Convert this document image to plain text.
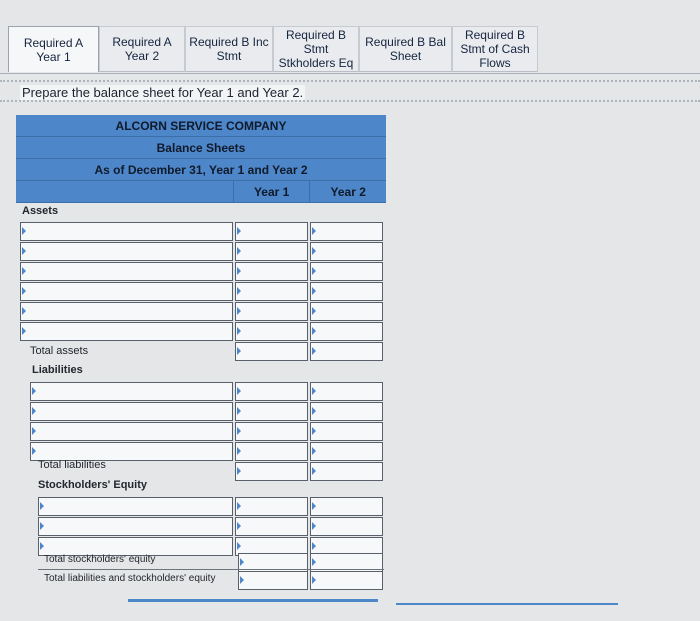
Required A
Year 1
Required A
Year 2
Required B Inc
Stmt
Required B
Stmt
Stkholders Eq
Required B Bal
Sheet
Required B
Stmt of Cash
Flows
Prepare the balance sheet for Year 1 and Year 2.
ALCORN SERVICE COMPANY
Balance Sheets
As of December 31, Year 1 and Year 2
Year 1	Year 2
Assets
Total assets
Liabilities
Total liabilities
Stockholders' Equity
Total stockholders' equity
Total liabilities and stockholders' equity
